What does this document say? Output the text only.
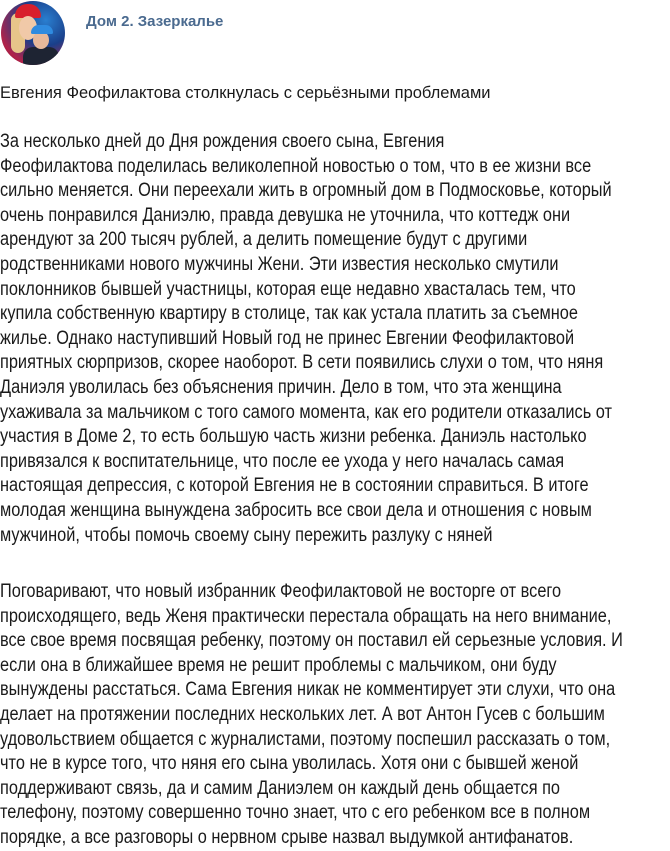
Дом 2. Зазеркалье
Евгения Феофилактова столкнулась с серьёзными проблемами
За несколько дней до Дня рождения своего сына, Евгения
Феофилактова поделилась великолепной новостью о том, что в ее жизни все
сильно меняется. Они переехали жить в огромный дом в Подмосковье, который
очень понравился Даниэлю, правда девушка не уточнила, что коттедж они
арендуют за 200 тысяч рублей, а делить помещение будут с другими
родственниками нового мужчины Жени. Эти известия несколько смутили
поклонников бывшей участницы, которая еще недавно хвасталась тем, что
купила собственную квартиру в столице, так как устала платить за съемное
жилье. Однако наступивший Новый год не принес Евгении Феофилактовой
приятных сюрпризов, скорее наоборот. В сети появились слухи о том, что няня
Даниэля уволилась без объяснения причин. Дело в том, что эта женщина
ухаживала за мальчиком с того самого момента, как его родители отказались от
участия в Доме 2, то есть большую часть жизни ребенка. Даниэль настолько
привязался к воспитательнице, что после ее ухода у него началась самая
настоящая депрессия, с которой Евгения не в состоянии справиться. В итоге
молодая женщина вынуждена забросить все свои дела и отношения с новым
мужчиной, чтобы помочь своему сыну пережить разлуку с няней
Поговаривают, что новый избранник Феофилактовой не восторге от всего
происходящего, ведь Женя практически перестала обращать на него внимание,
все свое время посвящая ребенку, поэтому он поставил ей серьезные условия. И
если она в ближайшее время не решит проблемы с мальчиком, они буду
вынуждены расстаться. Сама Евгения никак не комментирует эти слухи, что она
делает на протяжении последних нескольких лет. А вот Антон Гусев с большим
удовольствием общается с журналистами, поэтому поспешил рассказать о том,
что не в курсе того, что няня его сына уволилась. Хотя они с бывшей женой
поддерживают связь, да и самим Даниэлем он каждый день общается по
телефону, поэтому совершенно точно знает, что с его ребенком все в полном
порядке, а все разговоры о нервном срыве назвал выдумкой антифанатов.
